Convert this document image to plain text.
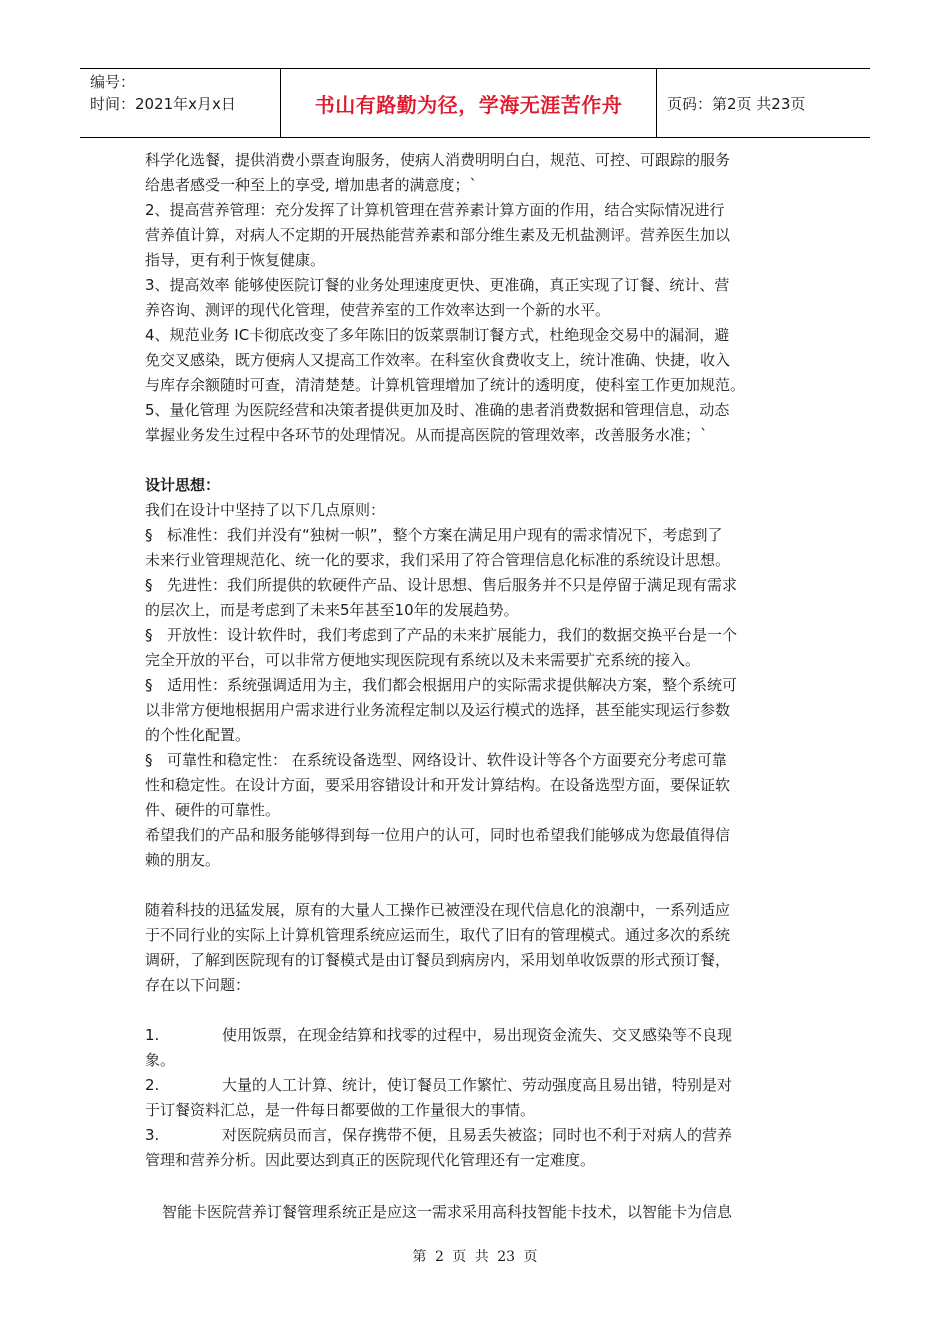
编号：
时间：2021年x月x日	书山有路勤为径，学海无涯苦作舟	页码：第2页 共23页

科学化选餐，提供消费小票查询服务，使病人消费明明白白，规范、可控、可跟踪的服务

给患者感受一种至上的享受, 增加患者的满意度；`

2、提高营养管理：充分发挥了计算机管理在营养素计算方面的作用，结合实际情况进行

营养值计算，对病人不定期的开展热能营养素和部分维生素及无机盐测评。营养医生加以

指导，更有利于恢复健康。

3、提高效率 能够使医院订餐的业务处理速度更快、更准确，真正实现了订餐、统计、营

养咨询、测评的现代化管理，使营养室的工作效率达到一个新的水平。

4、规范业务 IC卡彻底改变了多年陈旧的饭菜票制订餐方式，杜绝现金交易中的漏洞，避

免交叉感染，既方便病人又提高工作效率。在科室伙食费收支上，统计准确、快捷，收入

与库存余额随时可查，清清楚楚。计算机管理增加了统计的透明度，使科室工作更加规范。

5、量化管理 为医院经营和决策者提供更加及时、准确的患者消费数据和管理信息，动态

掌握业务发生过程中各环节的处理情况。从而提高医院的管理效率，改善服务水准；`

设计思想：

我们在设计中坚持了以下几点原则：

§ 标准性：我们并没有“独树一帜”，整个方案在满足用户现有的需求情况下，考虑到了

未来行业管理规范化、统一化的要求，我们采用了符合管理信息化标准的系统设计思想。

§ 先进性：我们所提供的软硬件产品、设计思想、售后服务并不只是停留于满足现有需求

的层次上，而是考虑到了未来5年甚至10年的发展趋势。

§ 开放性：设计软件时，我们考虑到了产品的未来扩展能力，我们的数据交换平台是一个

完全开放的平台，可以非常方便地实现医院现有系统以及未来需要扩充系统的接入。

§ 适用性：系统强调适用为主，我们都会根据用户的实际需求提供解决方案，整个系统可

以非常方便地根据用户需求进行业务流程定制以及运行模式的选择，甚至能实现运行参数

的个性化配置。

§ 可靠性和稳定性： 在系统设备选型、网络设计、软件设计等各个方面要充分考虑可靠

性和稳定性。在设计方面，要采用容错设计和开发计算结构。在设备选型方面，要保证软

件、硬件的可靠性。

希望我们的产品和服务能够得到每一位用户的认可，同时也希望我们能够成为您最值得信

赖的朋友。

随着科技的迅猛发展，原有的大量人工操作已被湮没在现代信息化的浪潮中，一系列适应

于不同行业的实际上计算机管理系统应运而生，取代了旧有的管理模式。通过多次的系统

调研，了解到医院现有的订餐模式是由订餐员到病房内，采用划单收饭票的形式预订餐，

存在以下问题：

1.	使用饭票，在现金结算和找零的过程中，易出现资金流失、交叉感染等不良现

象。

2.	大量的人工计算、统计，使订餐员工作繁忙、劳动强度高且易出错，特别是对

于订餐资料汇总，是一件每日都要做的工作量很大的事情。

3.	对医院病员而言，保存携带不便，且易丢失被盗；同时也不利于对病人的营养

管理和营养分析。因此要达到真正的医院现代化管理还有一定难度。

智能卡医院营养订餐管理系统正是应这一需求采用高科技智能卡技术，以智能卡为信息

第 2 页 共 23 页
